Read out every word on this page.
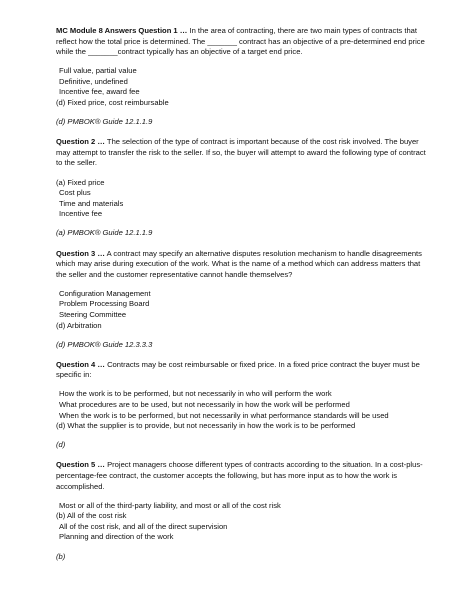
MC Module 8 Answers Question 1 … In the area of contracting, there are two main types of contracts that reflect how the total price is determined. The _______ contract has an objective of a pre-determined end price while the _______contract typically has an objective of a target end price.

Full value, partial value
Definitive, undefined
Incentive fee, award fee
(d) Fixed price, cost reimbursable

(d) PMBOK® Guide 12.1.1.9

Question 2 … The selection of the type of contract is important because of the cost risk involved. The buyer may attempt to transfer the risk to the seller. If so, the buyer will attempt to award the following type of contract to the seller.

(a) Fixed price
Cost plus
Time and materials
Incentive fee

(a) PMBOK® Guide 12.1.1.9

Question 3 … A contract may specify an alternative disputes resolution mechanism to handle disagreements which may arise during execution of the work. What is the name of a method which can address matters that the seller and the customer representative cannot handle themselves?

Configuration Management
Problem Processing Board
Steering Committee
(d) Arbitration

(d) PMBOK® Guide 12.3.3.3

Question 4 … Contracts may be cost reimbursable or fixed price. In a fixed price contract the buyer must be specific in:

How the work is to be performed, but not necessarily in who will perform the work
What procedures are to be used, but not necessarily in how the work will be performed
When the work is to be performed, but not necessarily in what performance standards will be used
(d) What the supplier is to provide, but not necessarily in how the work is to be performed

(d)

Question 5 … Project managers choose different types of contracts according to the situation. In a cost-plus-percentage-fee contract, the customer accepts the following, but has more input as to how the work is accomplished.

Most or all of the third-party liability, and most or all of the cost risk
(b) All of the cost risk
All of the cost risk, and all of the direct supervision
Planning and direction of the work

(b)
